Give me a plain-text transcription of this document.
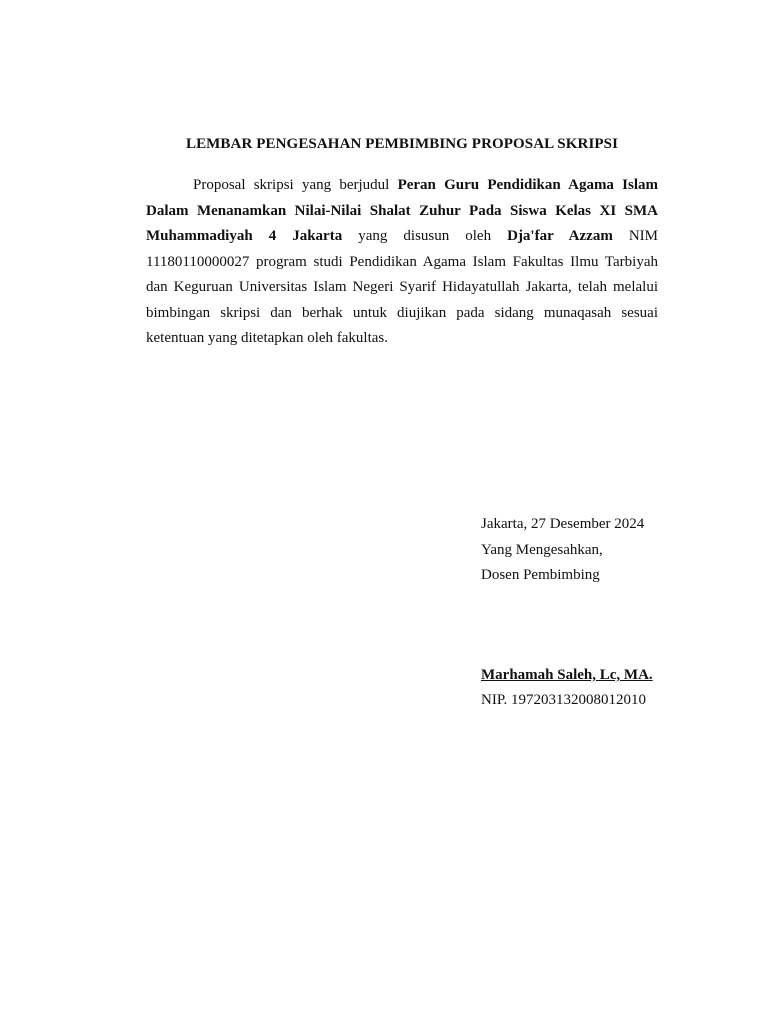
LEMBAR PENGESAHAN PEMBIMBING PROPOSAL SKRIPSI

Proposal skripsi yang berjudul Peran Guru Pendidikan Agama Islam Dalam Menanamkan Nilai-Nilai Shalat Zuhur Pada Siswa Kelas XI SMA Muhammadiyah 4 Jakarta yang disusun oleh Dja'far Azzam NIM 11180110000027 program studi Pendidikan Agama Islam Fakultas Ilmu Tarbiyah dan Keguruan Universitas Islam Negeri Syarif Hidayatullah Jakarta, telah melalui bimbingan skripsi dan berhak untuk diujikan pada sidang munaqasah sesuai ketentuan yang ditetapkan oleh fakultas.

Jakarta, 27 Desember 2024
Yang Mengesahkan,
Dosen Pembimbing
Marhamah Saleh, Lc, MA.
NIP. 197203132008012010
